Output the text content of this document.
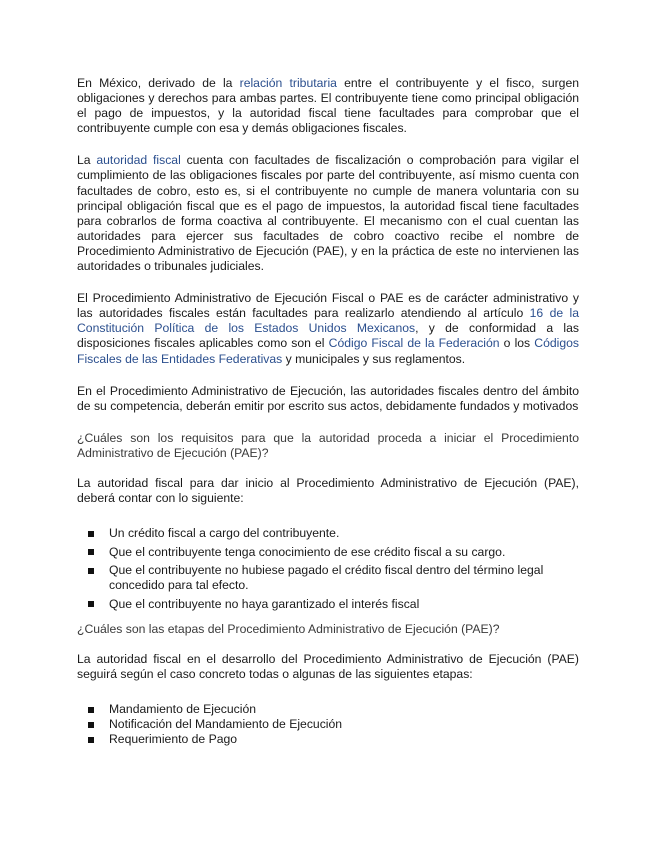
En México, derivado de la relación tributaria entre el contribuyente y el fisco, surgen obligaciones y derechos para ambas partes. El contribuyente tiene como principal obligación el pago de impuestos, y la autoridad fiscal tiene facultades para comprobar que el contribuyente cumple con esa y demás obligaciones fiscales.

La autoridad fiscal cuenta con facultades de fiscalización o comprobación para vigilar el cumplimiento de las obligaciones fiscales por parte del contribuyente, así mismo cuenta con facultades de cobro, esto es, si el contribuyente no cumple de manera voluntaria con su principal obligación fiscal que es el pago de impuestos, la autoridad fiscal tiene facultades para cobrarlos de forma coactiva al contribuyente. El mecanismo con el cual cuentan las autoridades para ejercer sus facultades de cobro coactivo recibe el nombre de Procedimiento Administrativo de Ejecución (PAE), y en la práctica de este no intervienen las autoridades o tribunales judiciales.

El Procedimiento Administrativo de Ejecución Fiscal o PAE es de carácter administrativo y las autoridades fiscales están facultades para realizarlo atendiendo al artículo 16 de la Constitución Política de los Estados Unidos Mexicanos, y de conformidad a las disposiciones fiscales aplicables como son el Código Fiscal de la Federación o los Códigos Fiscales de las Entidades Federativas y municipales y sus reglamentos.

En el Procedimiento Administrativo de Ejecución, las autoridades fiscales dentro del ámbito de su competencia, deberán emitir por escrito sus actos, debidamente fundados y motivados

¿Cuáles son los requisitos para que la autoridad proceda a iniciar el Procedimiento Administrativo de Ejecución (PAE)?

La autoridad fiscal para dar inicio al Procedimiento Administrativo de Ejecución (PAE), deberá contar con lo siguiente:

Un crédito fiscal a cargo del contribuyente.
Que el contribuyente tenga conocimiento de ese crédito fiscal a su cargo.
Que el contribuyente no hubiese pagado el crédito fiscal dentro del término legal concedido para tal efecto.
Que el contribuyente no haya garantizado el interés fiscal

¿Cuáles son las etapas del Procedimiento Administrativo de Ejecución (PAE)?

La autoridad fiscal en el desarrollo del Procedimiento Administrativo de Ejecución (PAE) seguirá según el caso concreto todas o algunas de las siguientes etapas:

Mandamiento de Ejecución
Notificación del Mandamiento de Ejecución
Requerimiento de Pago
